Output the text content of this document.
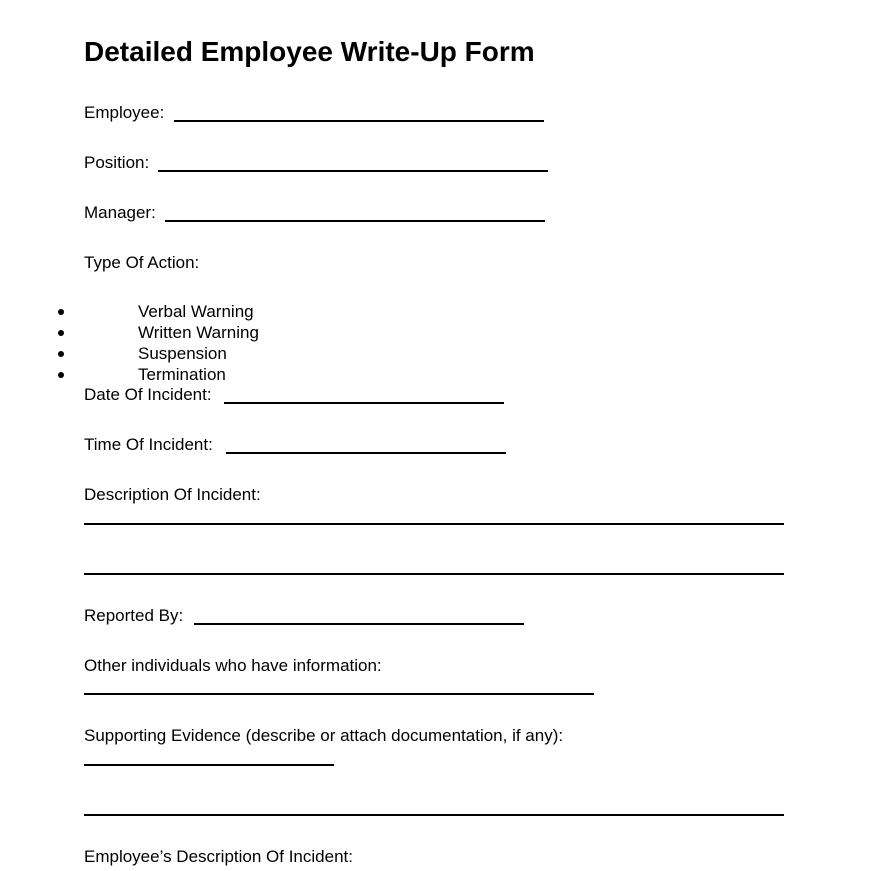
Detailed Employee Write-Up Form
Employee:
Position:
Manager:
Type Of Action:
Verbal Warning
Written Warning
Suspension
Termination
Date Of Incident:
Time Of Incident:
Description Of Incident:
Reported By:
Other individuals who have information:
Supporting Evidence (describe or attach documentation, if any):
Employee’s Description Of Incident:
